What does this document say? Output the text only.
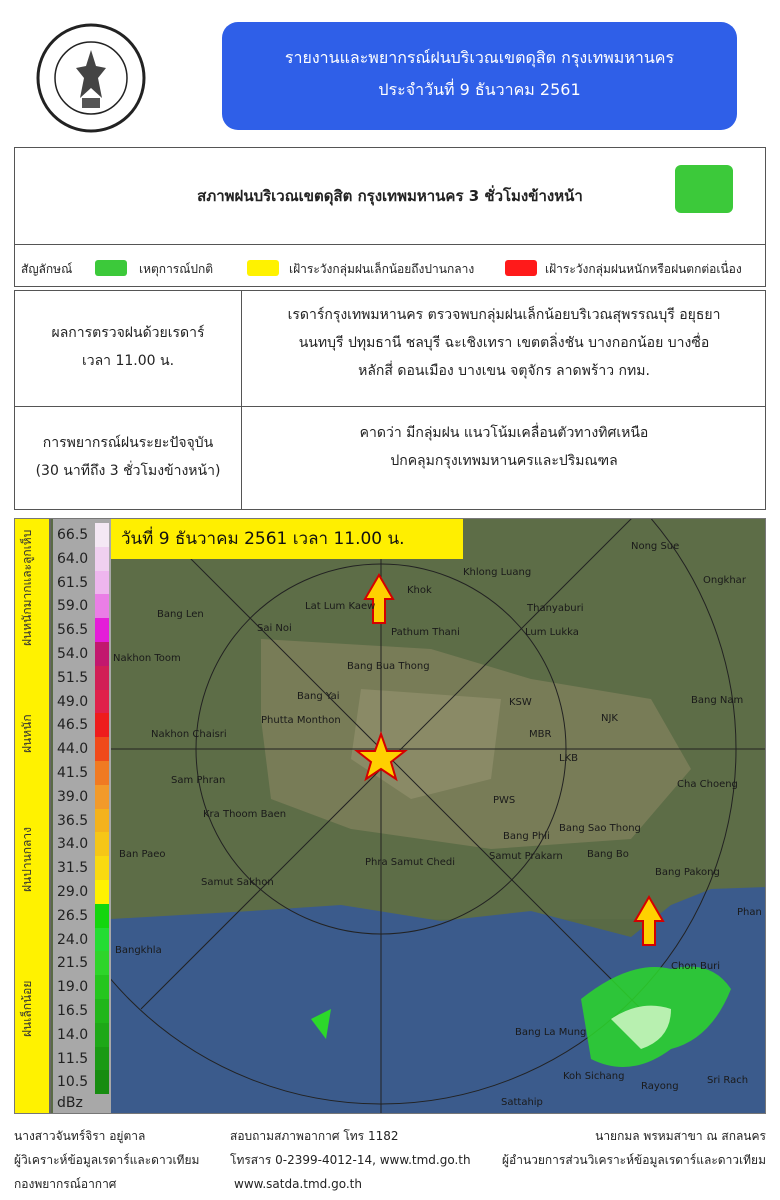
รายงานและพยากรณ์ฝนบริเวณเขตดุสิต กรุงเทพมหานคร
ประจำวันที่ 9 ธันวาคม 2561
สภาพฝนบริเวณเขตดุสิต กรุงเทพมหานคร 3 ชั่วโมงข้างหน้า
สัญลักษณ์	เหตุการณ์ปกติ	เฝ้าระวังกลุ่มฝนเล็กน้อยถึงปานกลาง	เฝ้าระวังกลุ่มฝนหนักหรือฝนตกต่อเนื่อง
ผลการตรวจฝนด้วยเรดาร์
เวลา 11.00 น.
เรดาร์กรุงเทพมหานคร ตรวจพบกลุ่มฝนเล็กน้อยบริเวณสุพรรณบุรี อยุธยา
นนทบุรี ปทุมธานี ชลบุรี ฉะเชิงเทรา เขตตลิ่งชัน บางกอกน้อย บางซื่อ
หลักสี่ ดอนเมือง บางเขน จตุจักร ลาดพร้าว กทม.
การพยากรณ์ฝนระยะปัจจุบัน
(30 นาทีถึง 3 ชั่วโมงข้างหน้า)
คาดว่า มีกลุ่มฝน แนวโน้มเคลื่อนตัวทางทิศเหนือ
ปกคลุมกรุงเทพมหานครและปริมณฑล
ฝนหนักมากและลูกเห็บ
ฝนหนัก
ฝนปานกลาง
ฝนเล็กน้อย
dBz
66.5
64.0
61.5
59.0
56.5
54.0
51.5
49.0
46.5
44.0
41.5
39.0
36.5
34.0
31.5
29.0
26.5
24.0
21.5
19.0
16.5
14.0
11.5
10.5
วันที่ 9 ธันวาคม 2561 เวลา 11.00 น.	Nong Sue
Khlong Luang
Ongkhar
Khok
Bang Len
Lat Lum Kaew	Thanyaburi
Sai Noi	Pathum Thani	Lum Lukka
Nakhon Toom
Bang Bua Thong
Bang Yai	Bang Nam
KSW
NJK
Phutta Monthon
Nakhon Chaisri	MBR
LKB
Sam Phran	Cha Choeng
Kra Thoom Baen
PWS
Bang Phli
Bang Sao Thong
Ban Paeo	Samut Prakarn Bang Bo
Samut Sakhon
Phra Samut Chedi
Bang Pakong
Phan
Bangkhla
Chon Buri
Bang La Mung
Koh Sichang
Sattahip
Rayong
Sri Rach
นางสาวจันทร์จิรา อยู่ตาล
ผู้วิเคราะห์ข้อมูลเรดาร์และดาวเทียม
กองพยากรณ์อากาศ
สอบถามสภาพอากาศ โทร 1182
โทรสาร 0-2399-4012-14, www.tmd.go.th
www.satda.tmd.go.th
นายกมล พรหมสาขา ณ สกลนคร
ผู้อำนวยการส่วนวิเคราะห์ข้อมูลเรดาร์และดาวเทียม
